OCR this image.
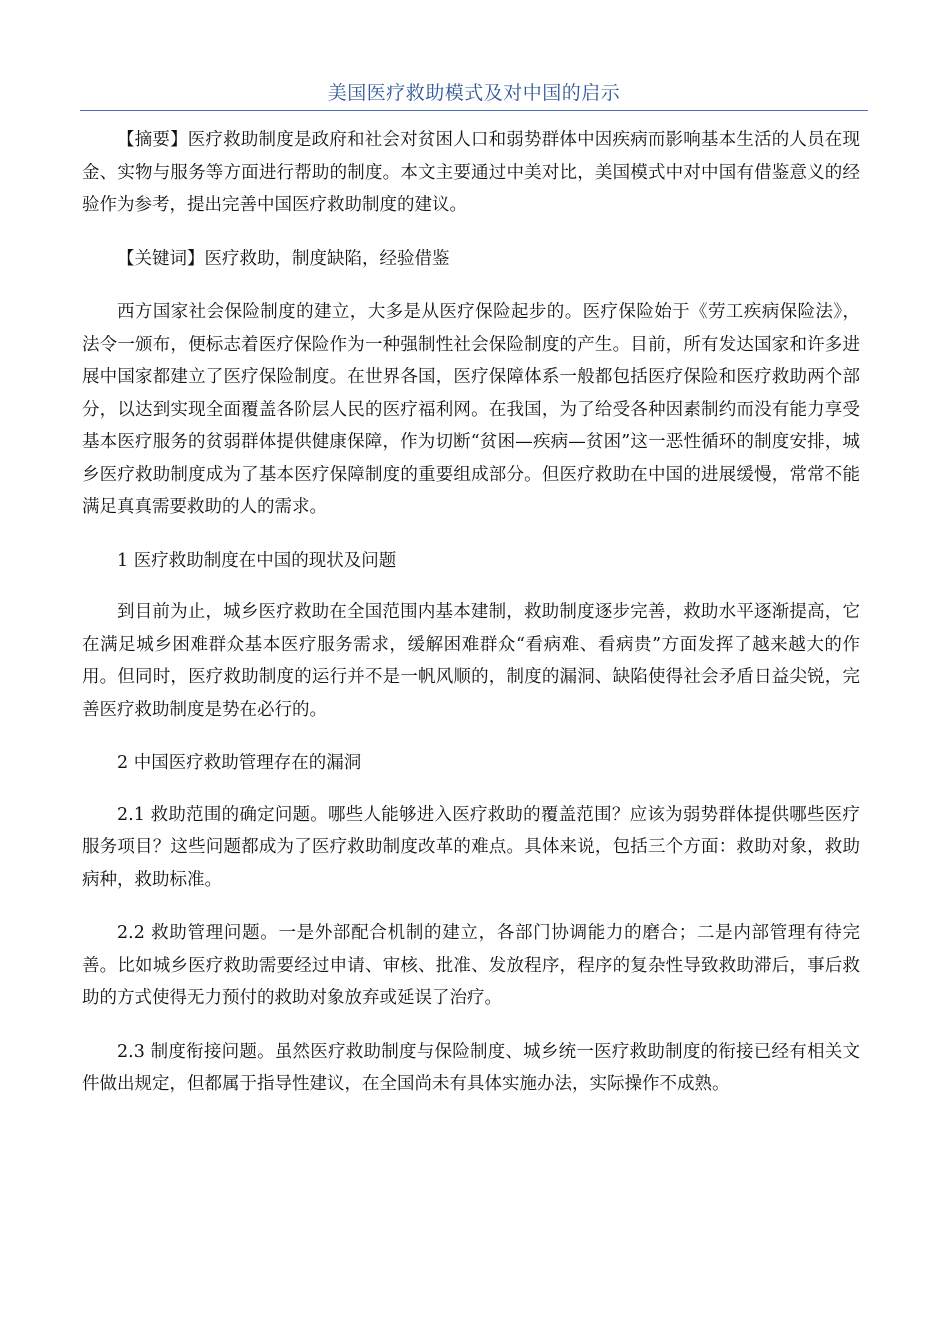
美国医疗救助模式及对中国的启示

【摘要】医疗救助制度是政府和社会对贫困人口和弱势群体中因疾病而影响基本生活的人员在现金、实物与服务等方面进行帮助的制度。本文主要通过中美对比，美国模式中对中国有借鉴意义的经验作为参考，提出完善中国医疗救助制度的建议。

【关键词】医疗救助，制度缺陷，经验借鉴

西方国家社会保险制度的建立，大多是从医疗保险起步的。医疗保险始于《劳工疾病保险法》，法令一颁布，便标志着医疗保险作为一种强制性社会保险制度的产生。目前，所有发达国家和许多进展中国家都建立了医疗保险制度。在世界各国，医疗保障体系一般都包括医疗保险和医疗救助两个部分，以达到实现全面覆盖各阶层人民的医疗福利网。在我国，为了给受各种因素制约而没有能力享受基本医疗服务的贫弱群体提供健康保障，作为切断“贫困—疾病—贫困”这一恶性循环的制度安排，城乡医疗救助制度成为了基本医疗保障制度的重要组成部分。但医疗救助在中国的进展缓慢，常常不能满足真真需要救助的人的需求。

1 医疗救助制度在中国的现状及问题

到目前为止，城乡医疗救助在全国范围内基本建制，救助制度逐步完善，救助水平逐渐提高，它在满足城乡困难群众基本医疗服务需求，缓解困难群众“看病难、看病贵”方面发挥了越来越大的作用。但同时，医疗救助制度的运行并不是一帆风顺的，制度的漏洞、缺陷使得社会矛盾日益尖锐，完善医疗救助制度是势在必行的。

2 中国医疗救助管理存在的漏洞

2.1 救助范围的确定问题。哪些人能够进入医疗救助的覆盖范围？应该为弱势群体提供哪些医疗服务项目？这些问题都成为了医疗救助制度改革的难点。具体来说，包括三个方面：救助对象，救助病种，救助标准。

2.2 救助管理问题。一是外部配合机制的建立，各部门协调能力的磨合；二是内部管理有待完善。比如城乡医疗救助需要经过申请、审核、批准、发放程序，程序的复杂性导致救助滞后，事后救助的方式使得无力预付的救助对象放弃或延误了治疗。

2.3 制度衔接问题。虽然医疗救助制度与保险制度、城乡统一医疗救助制度的衔接已经有相关文件做出规定，但都属于指导性建议，在全国尚未有具体实施办法，实际操作不成熟。
